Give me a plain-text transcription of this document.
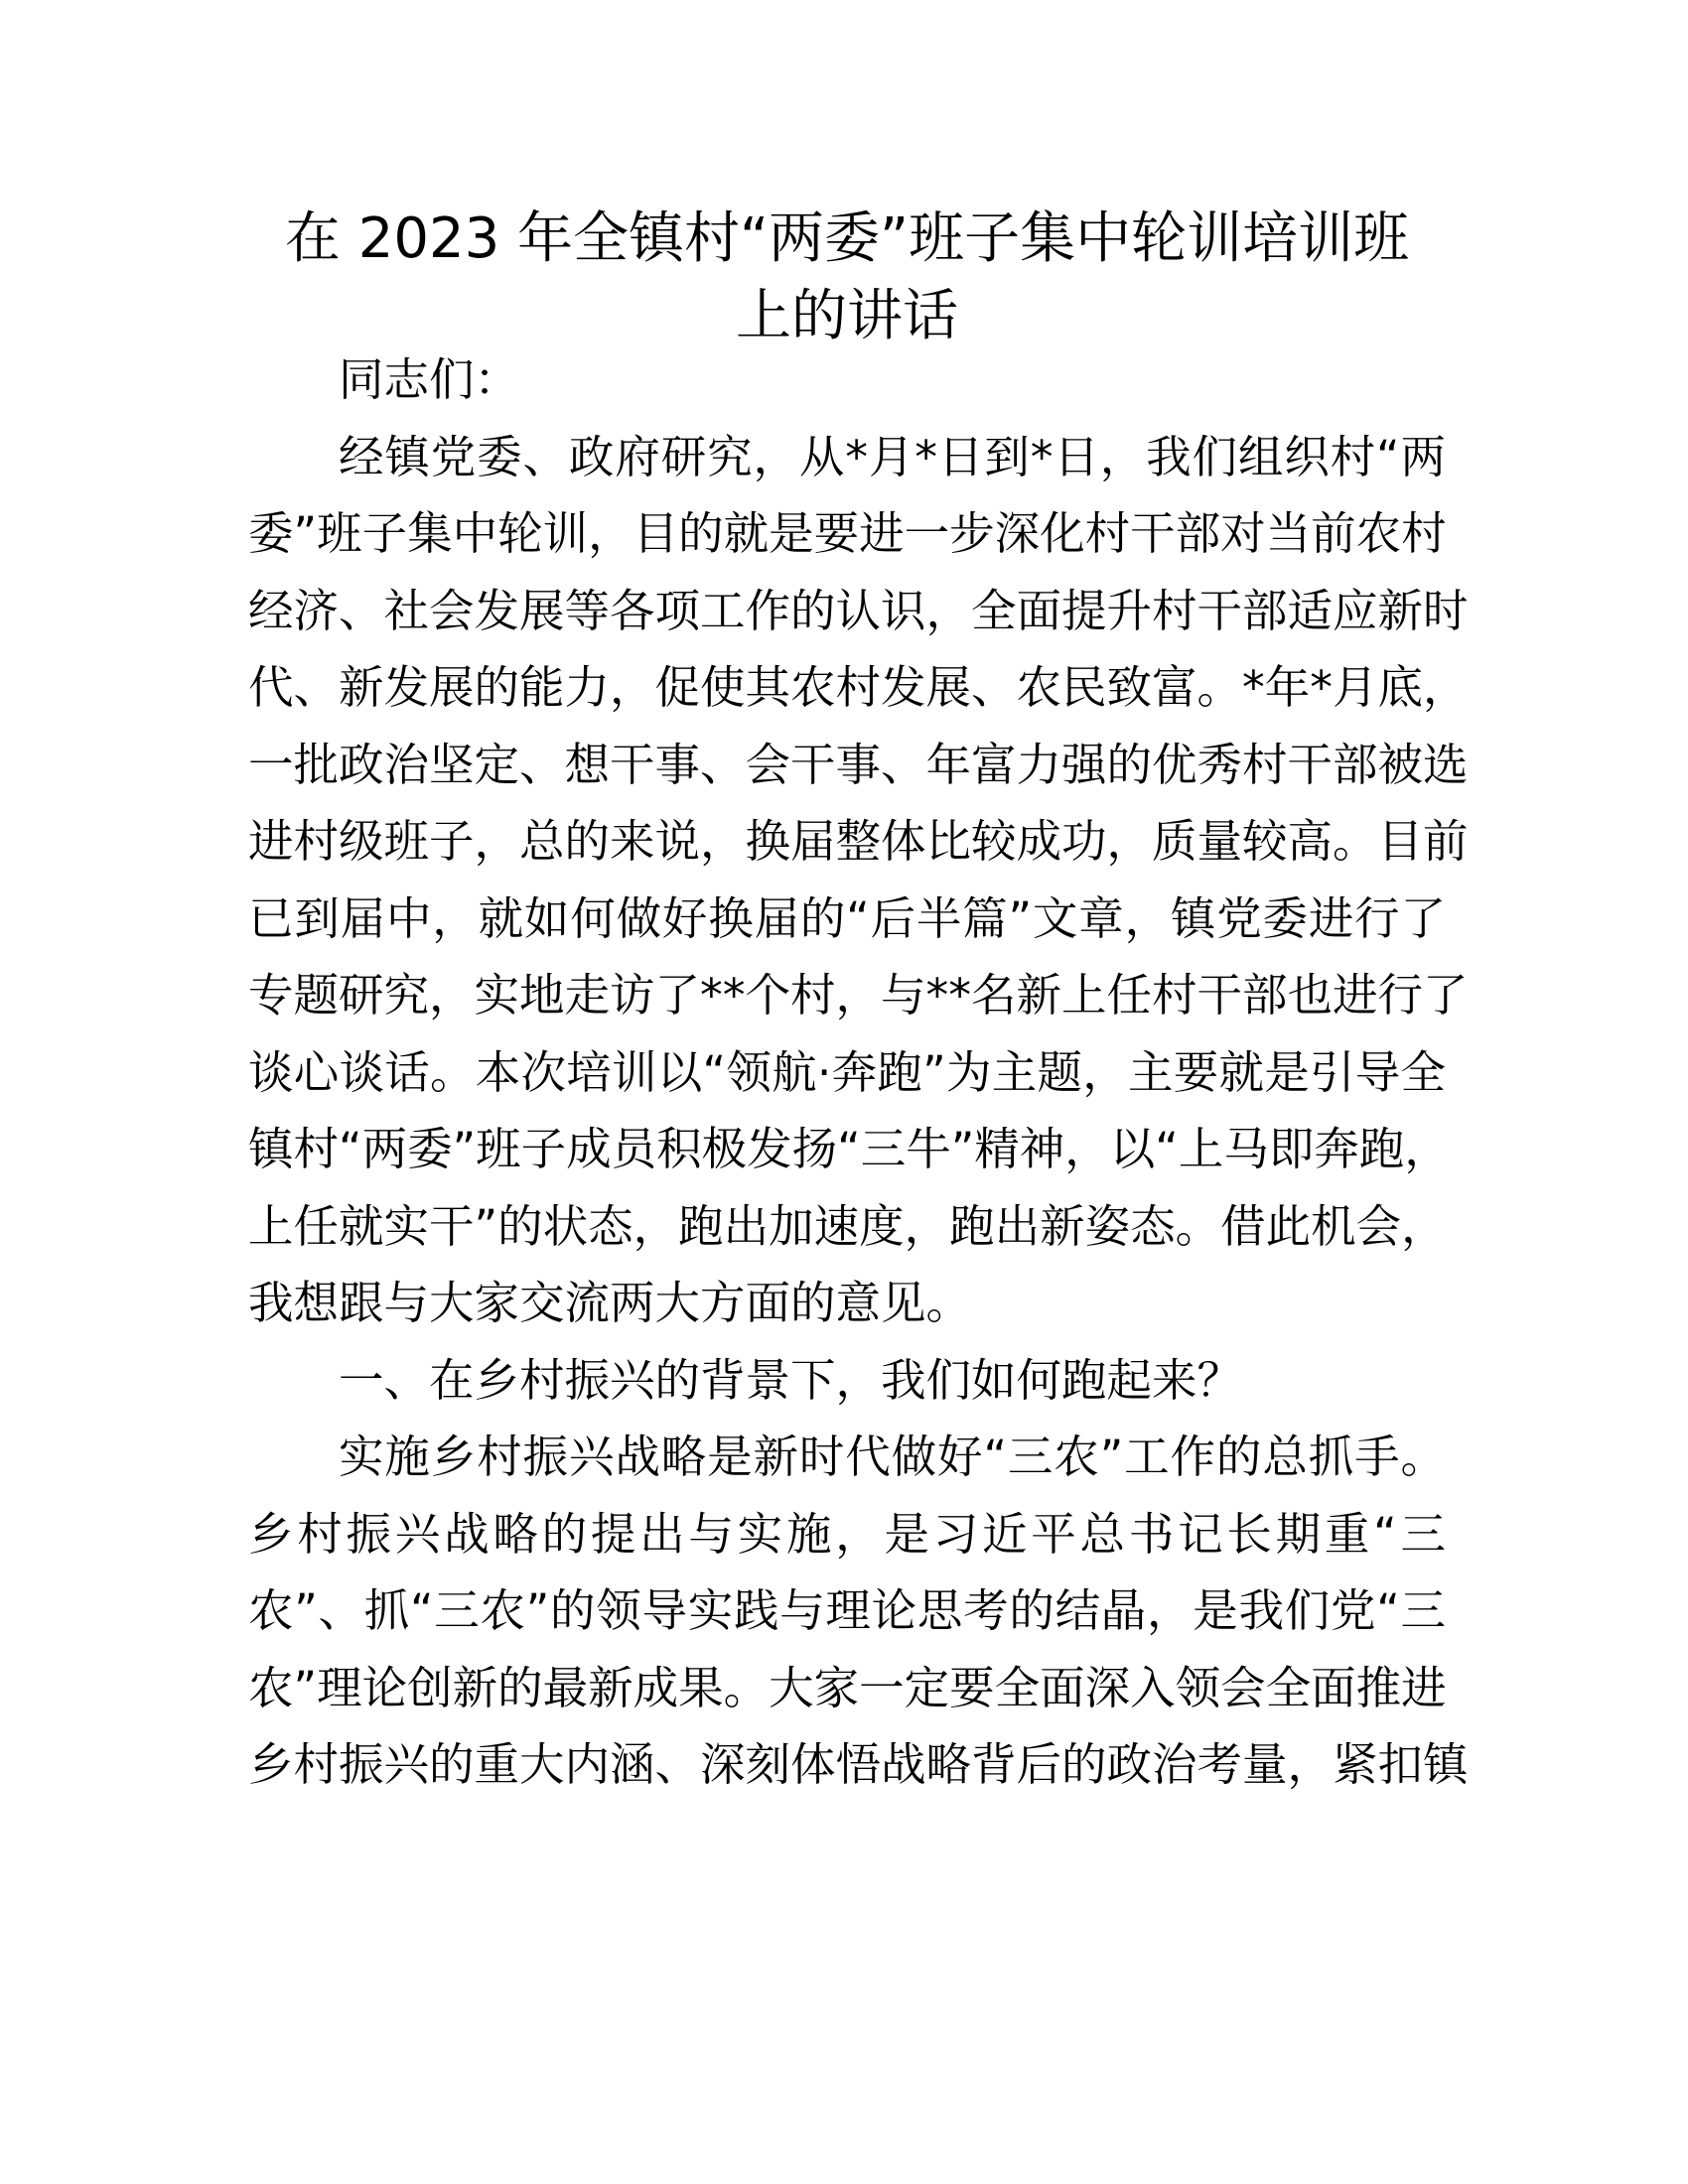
在 2023 年全镇村“两委”班子集中轮训培训班
上的讲话

同志们：

经镇党委、政府研究，从*月*日到*日，我们组织村“两
委”班子集中轮训，目的就是要进一步深化村干部对当前农村
经济、社会发展等各项工作的认识，全面提升村干部适应新时
代、新发展的能力，促使其农村发展、农民致富。*年*月底，
一批政治坚定、想干事、会干事、年富力强的优秀村干部被选
进村级班子，总的来说，换届整体比较成功，质量较高。目前
已到届中，就如何做好换届的“后半篇”文章，镇党委进行了
专题研究，实地走访了**个村，与**名新上任村干部也进行了
谈心谈话。本次培训以“领航·奔跑”为主题，主要就是引导全
镇村“两委”班子成员积极发扬“三牛”精神，以“上马即奔跑，
上任就实干”的状态，跑出加速度，跑出新姿态。借此机会，
我想跟与大家交流两大方面的意见。

一、在乡村振兴的背景下，我们如何跑起来？

实施乡村振兴战略是新时代做好“三农”工作的总抓手。
乡村振兴战略的提出与实施，是习近平总书记长期重“三
农”、抓“三农”的领导实践与理论思考的结晶，是我们党“三
农”理论创新的最新成果。大家一定要全面深入领会全面推进
乡村振兴的重大内涵、深刻体悟战略背后的政治考量，紧扣镇
